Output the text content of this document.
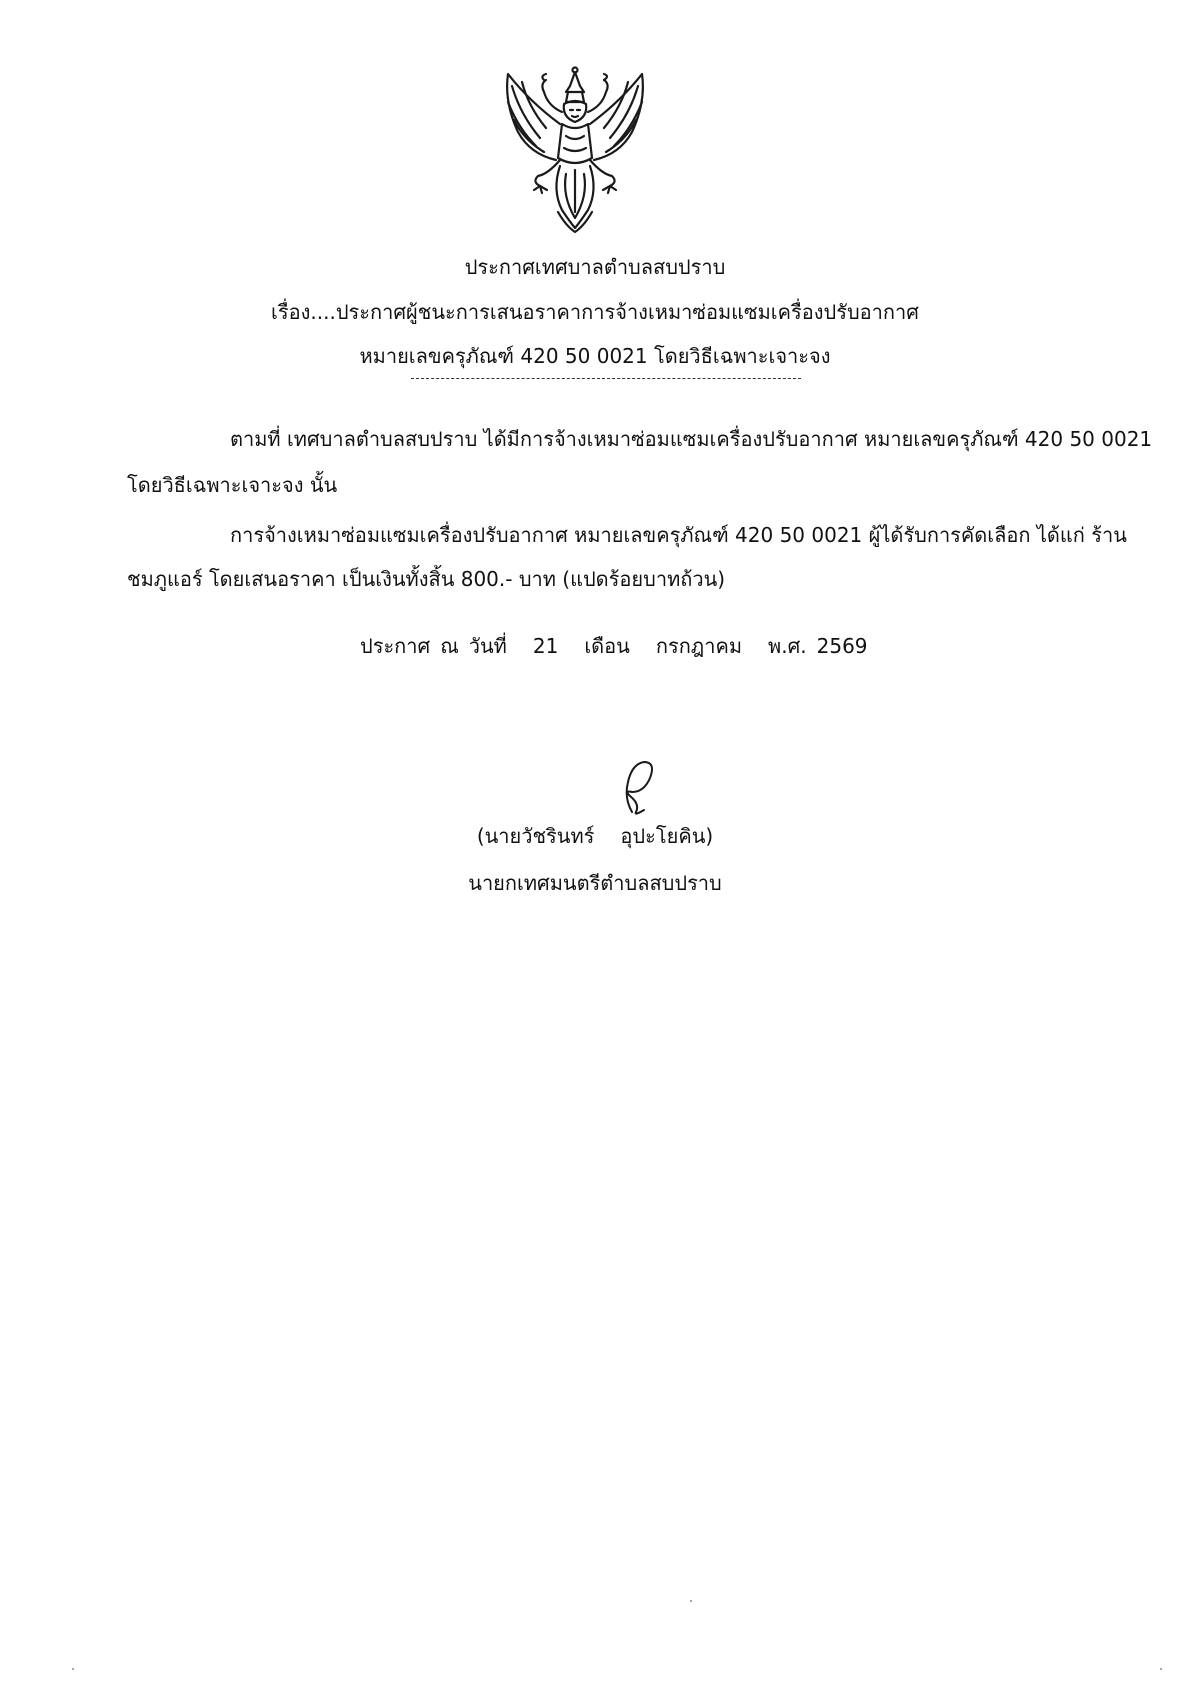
ประกาศเทศบาลตำบลสบปราบ
เรื่อง....ประกาศผู้ชนะการเสนอราคาการจ้างเหมาซ่อมแซมเครื่องปรับอากาศ
หมายเลขครุภัณฑ์ 420 50 0021 โดยวิธีเฉพาะเจาะจง
ตามที่ เทศบาลตำบลสบปราบ ได้มีการจ้างเหมาซ่อมแซมเครื่องปรับอากาศ หมายเลขครุภัณฑ์ 420 50 0021
โดยวิธีเฉพาะเจาะจง นั้น
การจ้างเหมาซ่อมแซมเครื่องปรับอากาศ หมายเลขครุภัณฑ์ 420 50 0021 ผู้ได้รับการคัดเลือก ได้แก่ ร้าน
ชมภูแอร์ โดยเสนอราคา เป็นเงินทั้งสิ้น 800.- บาท (แปดร้อยบาทถ้วน)
ประกาศ ณ วันที่ 21 เดือน กรกฎาคม พ.ศ. 2569
(นายวัชรินทร์ อุปะโยคิน)
นายกเทศมนตรีตำบลสบปราบ
